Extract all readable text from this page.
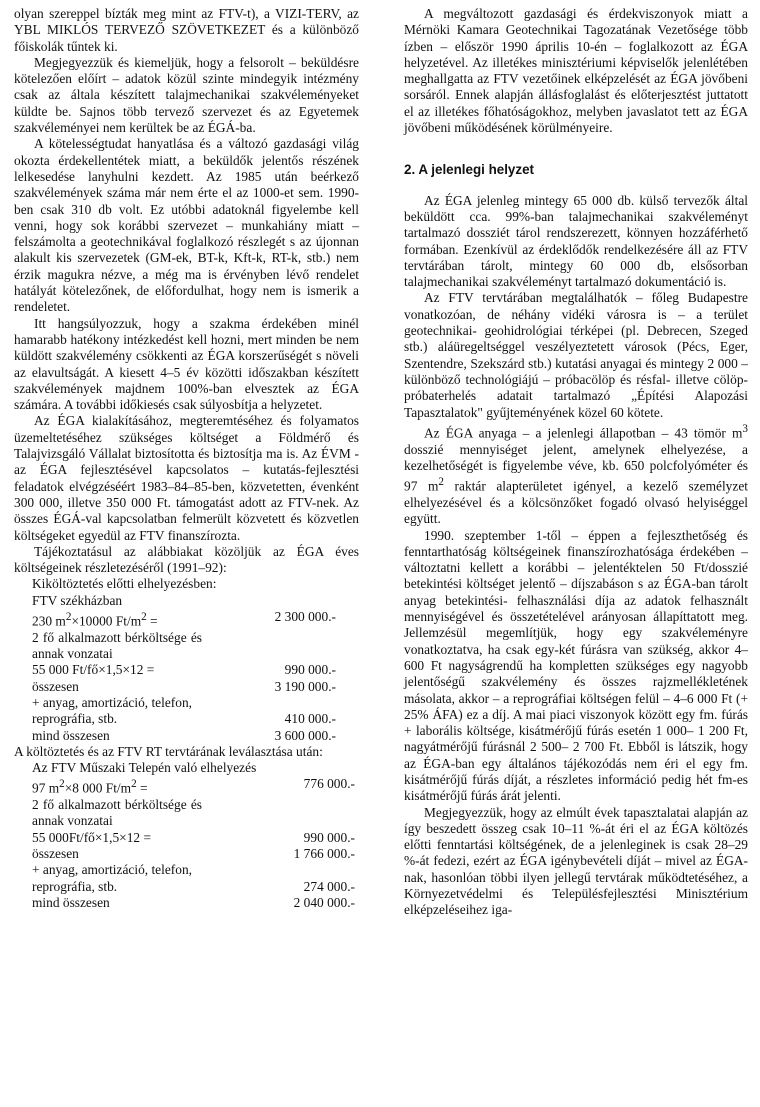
olyan szereppel bízták meg mint az FTV-t), a VIZI-TERV, az YBL MIKLÓS TERVEZŐ SZÖVETKEZET és a különböző főiskolák tűntek ki.

Megjegyezzük és kiemeljük, hogy a felsorolt – beküldésre kötelezően előírt – adatok közül szinte mindegyik intézmény csak az általa készített talajmechanikai szakvéleményeket küldte be. Sajnos több tervező szervezet és az Egyetemek szakvéleményei nem kerültek be az ÉGÁ-ba.

A kötelességtudat hanyatlása és a változó gazdasági világ okozta érdekellentétek miatt, a beküldők jelentős részének lelkesedése lanyhulni kezdett. Az 1985 után beérkező szakvélemények száma már nem érte el az 1000-et sem. 1990-ben csak 310 db volt. Ez utóbbi adatoknál figyelembe kell venni, hogy sok korábbi szervezet – munkahiány miatt – felszámolta a geotechnikával foglalkozó részlegét s az újonnan alakult kis szervezetek (GM-ek, BT-k, Kft-k, RT-k, stb.) nem érzik magukra nézve, a még ma is érvényben lévő rendelet hatályát kötelezőnek, de előfordulhat, hogy nem is ismerik a rendeletet.

Itt hangsúlyozzuk, hogy a szakma érdekében minél hamarabb hatékony intézkedést kell hozni, mert minden be nem küldött szakvélemény csökkenti az ÉGA korszerűségét s növeli az elavultságát. A kiesett 4–5 év közötti időszakban készített szakvélemények majdnem 100%-ban elvesztek az ÉGA számára. A további időkiesés csak súlyosbítja a helyzetet.

Az ÉGA kialakításához, megteremtéséhez és folyamatos üzemeltetéséhez szükséges költséget a Földmérő és Talajvizsgáló Vállalat biztosította és biztosítja ma is. Az ÉVM - az ÉGA fejlesztésével kapcsolatos – kutatás-fejlesztési feladatok elvégzéséért 1983–84–85-ben, közvetetten, évenként 300 000, illetve 350 000 Ft. támogatást adott az FTV-nek. Az összes ÉGÁ-val kapcsolatban felmerült közvetett és közvetlen költségeket egyedül az FTV finanszírozta.

Tájékoztatásul az alábbiakat közöljük az ÉGA éves költségeinek részletezéséről (1991–92):

Kiköltöztetés előtti elhelyezésben:

FTV székházban

230 $m^2\times 10000$ $Ft/m^2$ =	2 300 000.-

2 fő alkalmazott bérköltsége és annak vonzatai

55 000 Ft/fő×1,5×12 =	990 000.-
összesen	3 190 000.-

+ anyag, amortizáció, telefon,

reprográfia, stb.	410 000.-
mind összesen	3 600 000.-

A költöztetés és az FTV RT tervtárának leválasztása után:

Az FTV Műszaki Telepén való elhelyezés

97 $m^2\times 8$ 000 $Ft/m^2$ =	776 000.-

2 fő alkalmazott bérköltsége és annak vonzatai

55 000Ft/fő×1,5×12 =	990 000.-
összesen	1 766 000.-

+ anyag, amortizáció, telefon,

reprográfia, stb.	274 000.-
mind összesen	2 040 000.-

A megváltozott gazdasági és érdekviszonyok miatt a Mérnöki Kamara Geotechnikai Tagozatának Vezetősége több ízben – először 1990 április 10-én – foglalkozott az ÉGA helyzetével. Az illetékes minisztériumi képviselők jelenlétében meghallgatta az FTV vezetőinek elképzelését az ÉGA jövőbeni sorsáról. Ennek alapján állásfoglalást és előterjesztést juttatott el az illetékes főhatóságokhoz, melyben javaslatot tett az ÉGA jövőbeni működésének körülményeire.

2. A jelenlegi helyzet

Az ÉGA jelenleg mintegy 65 000 db. külső tervezők által beküldött cca. 99%-ban talajmechanikai szakvéleményt tartalmazó dossziét tárol rendszerezett, könnyen hozzáférhető formában. Ezenkívül az érdeklődők rendelkezésére áll az FTV tervtárában tárolt, mintegy 60 000 db, elsősorban talajmechanikai szakvéleményt tartalmazó dokumentáció is.

Az FTV tervtárában megtalálhatók – főleg Budapestre vonatkozóan, de néhány vidéki városra is – a terület geotechnikai- geohidrológiai térképei (pl. Debrecen, Szeged stb.) aláüregeltséggel veszélyeztetett városok (Pécs, Eger, Szentendre, Szekszárd stb.) kutatási anyagai és mintegy 2 000 – különböző technológiájú – próbacölöp és résfal- illetve cölöp-próbaterhelés adatait tartalmazó „Építési Alapozási Tapasztalatok" gyűjteményének közel 60 kötete.

Az ÉGA anyaga – a jelenlegi állapotban – 43 tömör $m^3$ dosszié mennyiséget jelent, amelynek elhelyezése, a kezelhetőségét is figyelembe véve, kb. 650 polcfolyóméter és 97 $m^2$ raktár alapterületet igényel, a kezelő személyzet elhelyezésével és a kölcsönzőket fogadó olvasó helyiséggel együtt.

1990. szeptember 1-től – éppen a fejleszthetőség és fenntarthatóság költségeinek finanszírozhatósága érdekében – változtatni kellett a korábbi – jelentéktelen 50 Ft/dosszié betekintési költséget jelentő – díjszabáson s az ÉGA-ban tárolt anyag betekintési- felhasználási díja az adatok felhasznált mennyiségével és összetételével arányosan állapíttatott meg. Jellemzésül megemlítjük, hogy egy szakvéleményre vonatkoztatva, ha csak egy-két fúrásra van szükség, akkor 4–600 Ft nagyságrendű ha kompletten szükséges egy nagyobb jelentőségű szakvélemény és összes rajzmellékletének másolata, akkor – a reprográfiai költségen felül – 4–6 000 Ft (+ 25% ÁFA) ez a díj. A mai piaci viszonyok között egy fm. fúrás + laborális költsége, kisátmérőjű fúrás esetén 1 000– 1 200 Ft, nagyátmérőjű fúrásnál 2 500– 2 700 Ft. Ebből is látszik, hogy az ÉGA-ban egy általános tájékozódás nem éri el egy fm. kisátmérőjű fúrás díját, a részletes információ pedig hét fm-es kisátmérőjű fúrás árát jelenti.

Megjegyezzük, hogy az elmúlt évek tapasztalatai alapján az így beszedett összeg csak 10–11 %-át éri el az ÉGA költözés előtti fenntartási költségének, de a jelenleginek is csak 28–29 %-át fedezi, ezért az ÉGA igénybevételi díját – mivel az ÉGA-nak, hasonlóan többi ilyen jellegű tervtárak működtetéséhez, a Környezetvédelmi és Településfejlesztési Minisztérium elképzeléseihez iga-
